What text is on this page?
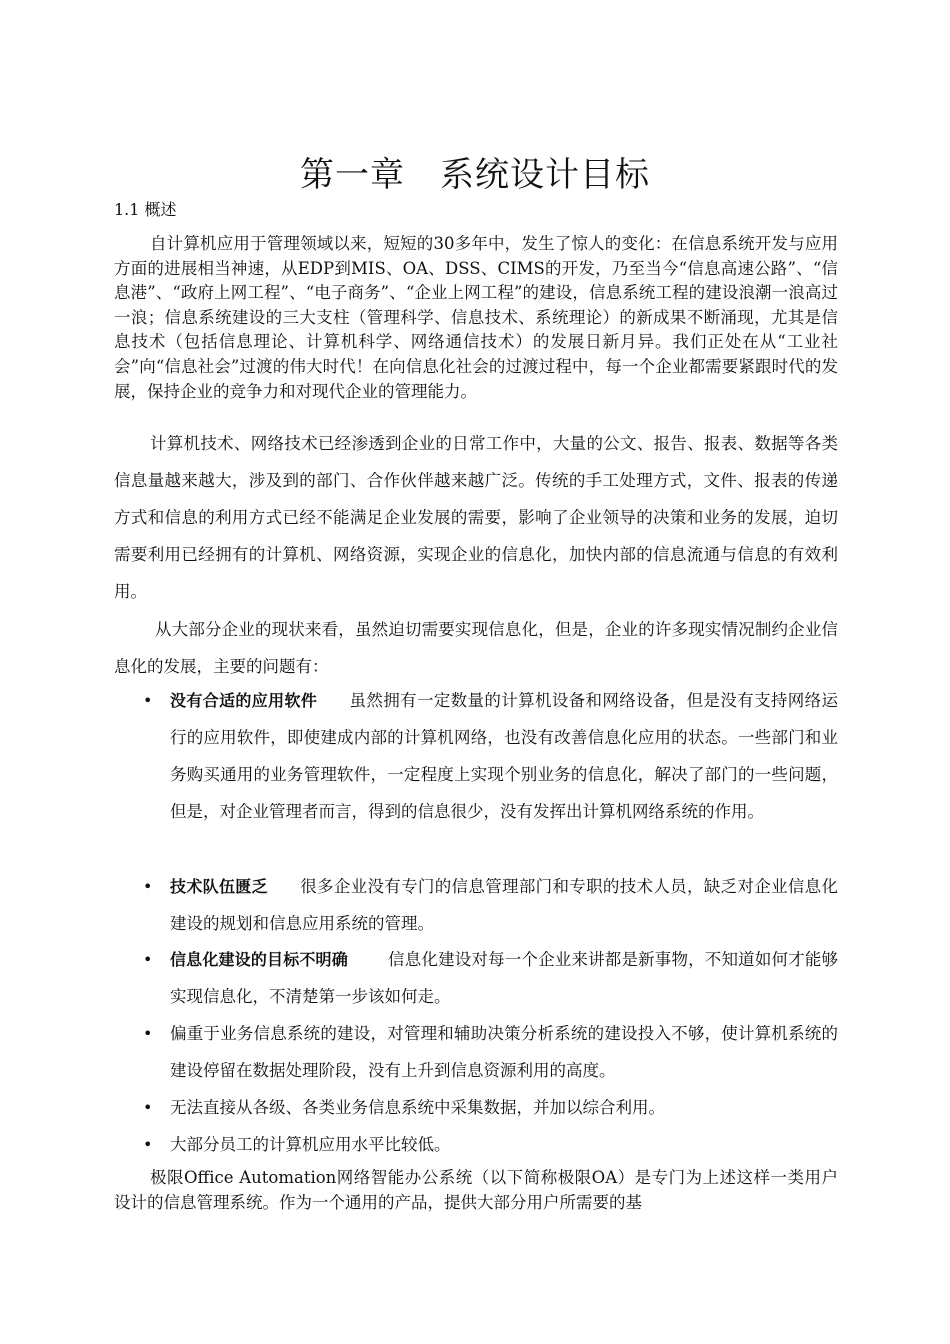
第一章　系统设计目标
1.1 概述

自计算机应用于管理领域以来，短短的30多年中，发生了惊人的变化：在信息系统开发与应用方面的进展相当神速，从EDP到MIS、OA、DSS、CIMS的开发，乃至当今“信息高速公路”、“信息港”、“政府上网工程”、“电子商务”、“企业上网工程”的建设，信息系统工程的建设浪潮一浪高过一浪；信息系统建设的三大支柱（管理科学、信息技术、系统理论）的新成果不断涌现，尤其是信息技术（包括信息理论、计算机科学、网络通信技术）的发展日新月异。我们正处在从“工业社会”向“信息社会”过渡的伟大时代！在向信息化社会的过渡过程中，每一个企业都需要紧跟时代的发展，保持企业的竞争力和对现代企业的管理能力。

计算机技术、网络技术已经渗透到企业的日常工作中，大量的公文、报告、报表、数据等各类信息量越来越大，涉及到的部门、合作伙伴越来越广泛。传统的手工处理方式，文件、报表的传递方式和信息的利用方式已经不能满足企业发展的需要，影响了企业领导的决策和业务的发展，迫切需要利用已经拥有的计算机、网络资源，实现企业的信息化，加快内部的信息流通与信息的有效利用。

从大部分企业的现状来看，虽然迫切需要实现信息化，但是，企业的许多现实情况制约企业信息化的发展，主要的问题有：

• 没有合适的应用软件 虽然拥有一定数量的计算机设备和网络设备，但是没有支持网络运行的应用软件，即使建成内部的计算机网络，也没有改善信息化应用的状态。一些部门和业务购买通用的业务管理软件，一定程度上实现个别业务的信息化，解决了部门的一些问题，但是，对企业管理者而言，得到的信息很少，没有发挥出计算机网络系统的作用。
• 技术队伍匮乏 很多企业没有专门的信息管理部门和专职的技术人员，缺乏对企业信息化建设的规划和信息应用系统的管理。
• 信息化建设的目标不明确 信息化建设对每一个企业来讲都是新事物，不知道如何才能够实现信息化，不清楚第一步该如何走。
• 偏重于业务信息系统的建设，对管理和辅助决策分析系统的建设投入不够，使计算机系统的建设停留在数据处理阶段，没有上升到信息资源利用的高度。
• 无法直接从各级、各类业务信息系统中采集数据，并加以综合利用。
• 大部分员工的计算机应用水平比较低。

极限Office Automation网络智能办公系统（以下简称极限OA）是专门为上述这样一类用户设计的信息管理系统。作为一个通用的产品，提供大部分用户所需要的基
